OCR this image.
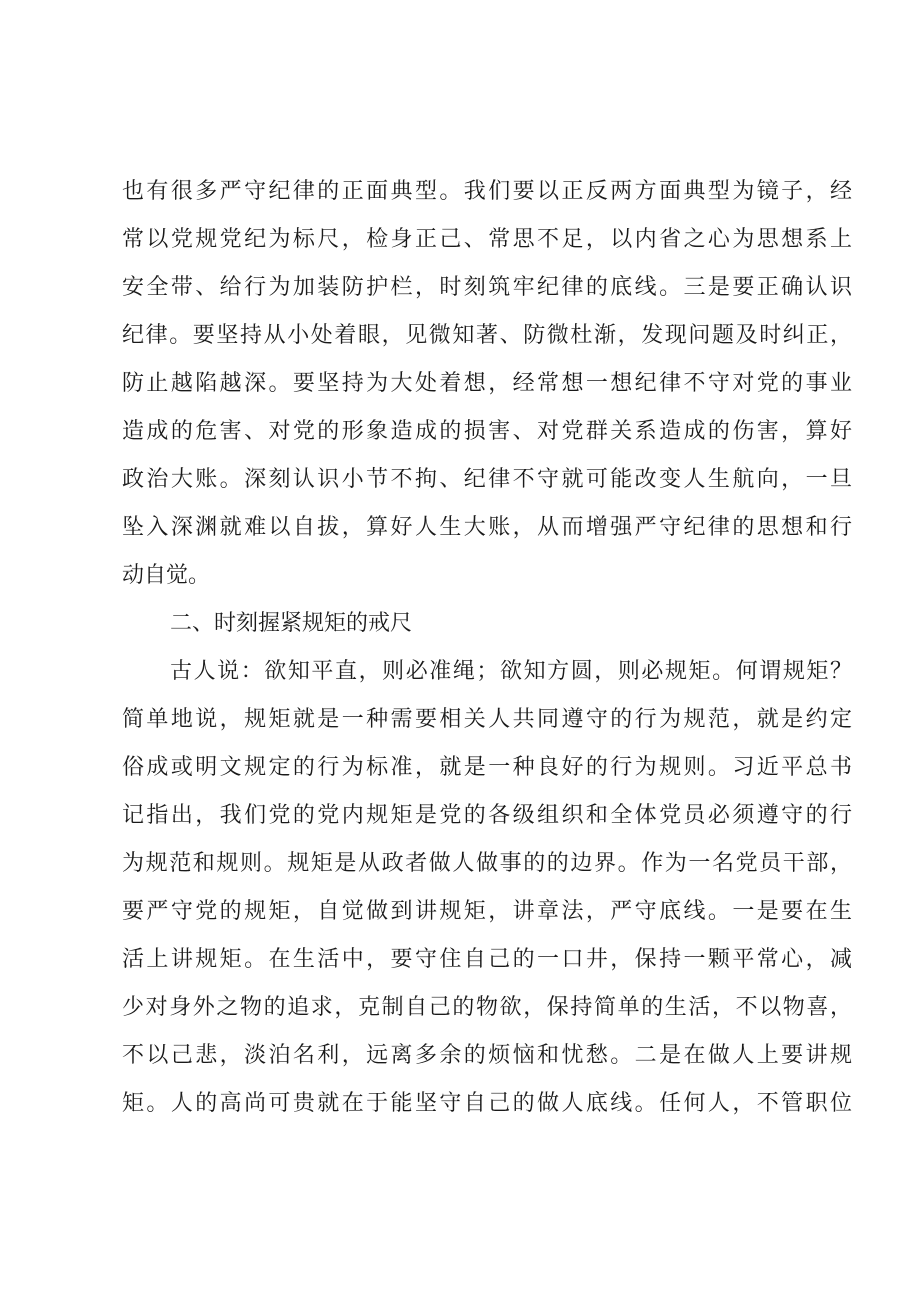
也有很多严守纪律的正面典型。我们要以正反两方面典型为镜子，经
常以党规党纪为标尺，检身正己、常思不足，以内省之心为思想系上
安全带、给行为加装防护栏，时刻筑牢纪律的底线。三是要正确认识
纪律。要坚持从小处着眼，见微知著、防微杜渐，发现问题及时纠正，
防止越陷越深。要坚持为大处着想，经常想一想纪律不守对党的事业
造成的危害、对党的形象造成的损害、对党群关系造成的伤害，算好
政治大账。深刻认识小节不拘、纪律不守就可能改变人生航向，一旦
坠入深渊就难以自拔，算好人生大账，从而增强严守纪律的思想和行
动自觉。
二、时刻握紧规矩的戒尺
古人说：欲知平直，则必准绳；欲知方圆，则必规矩。何谓规矩？
简单地说，规矩就是一种需要相关人共同遵守的行为规范，就是约定
俗成或明文规定的行为标准，就是一种良好的行为规则。习近平总书
记指出，我们党的党内规矩是党的各级组织和全体党员必须遵守的行
为规范和规则。规矩是从政者做人做事的的边界。作为一名党员干部，
要严守党的规矩，自觉做到讲规矩，讲章法，严守底线。一是要在生
活上讲规矩。在生活中，要守住自己的一口井，保持一颗平常心，减
少对身外之物的追求，克制自己的物欲，保持简单的生活，不以物喜，
不以己悲，淡泊名利，远离多余的烦恼和忧愁。二是在做人上要讲规
矩。人的高尚可贵就在于能坚守自己的做人底线。任何人，不管职位
